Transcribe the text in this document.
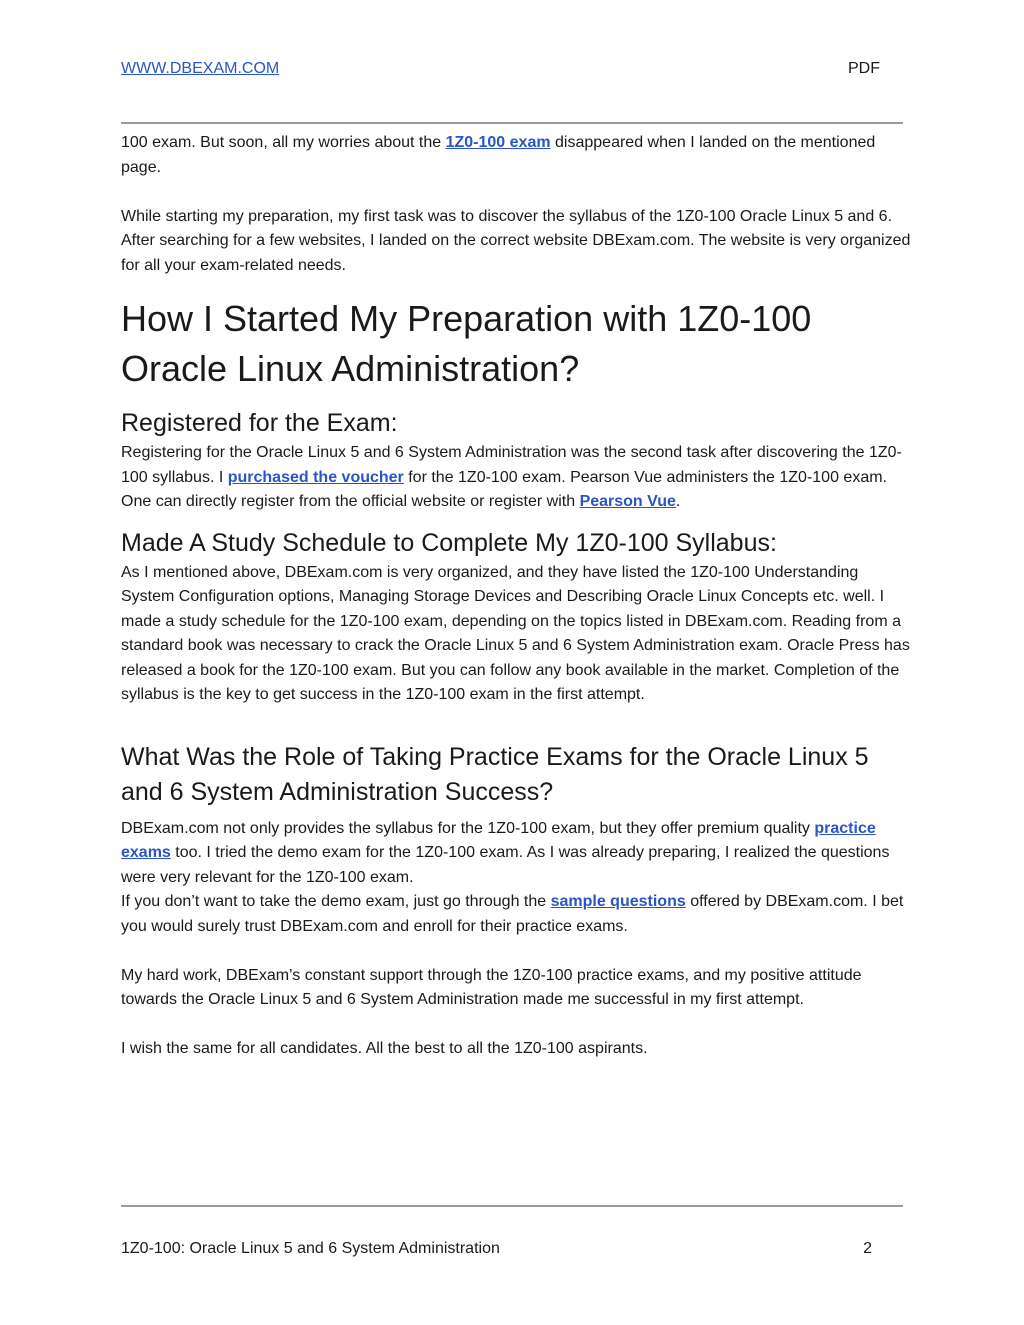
WWW.DBEXAM.COM	PDF

100 exam. But soon, all my worries about the 1Z0-100 exam disappeared when I landed on the mentioned page.

While starting my preparation, my first task was to discover the syllabus of the 1Z0-100 Oracle Linux 5 and 6. After searching for a few websites, I landed on the correct website DBExam.com. The website is very organized for all your exam-related needs.

How I Started My Preparation with 1Z0-100 Oracle Linux Administration?
Registered for the Exam:

Registering for the Oracle Linux 5 and 6 System Administration was the second task after discovering the 1Z0-100 syllabus. I purchased the voucher for the 1Z0-100 exam. Pearson Vue administers the 1Z0-100 exam. One can directly register from the official website or register with Pearson Vue.

Made A Study Schedule to Complete My 1Z0-100 Syllabus:

As I mentioned above, DBExam.com is very organized, and they have listed the 1Z0-100 Understanding System Configuration options, Managing Storage Devices and Describing Oracle Linux Concepts etc. well. I made a study schedule for the 1Z0-100 exam, depending on the topics listed in DBExam.com. Reading from a standard book was necessary to crack the Oracle Linux 5 and 6 System Administration exam. Oracle Press has released a book for the 1Z0-100 exam. But you can follow any book available in the market. Completion of the syllabus is the key to get success in the 1Z0-100 exam in the first attempt.

What Was the Role of Taking Practice Exams for the Oracle Linux 5 and 6 System Administration Success?

DBExam.com not only provides the syllabus for the 1Z0-100 exam, but they offer premium quality practice exams too. I tried the demo exam for the 1Z0-100 exam. As I was already preparing, I realized the questions were very relevant for the 1Z0-100 exam.

If you don’t want to take the demo exam, just go through the sample questions offered by DBExam.com. I bet you would surely trust DBExam.com and enroll for their practice exams.

My hard work, DBExam’s constant support through the 1Z0-100 practice exams, and my positive attitude towards the Oracle Linux 5 and 6 System Administration made me successful in my first attempt.

I wish the same for all candidates. All the best to all the 1Z0-100 aspirants.

1Z0-100: Oracle Linux 5 and 6 System Administration	2
